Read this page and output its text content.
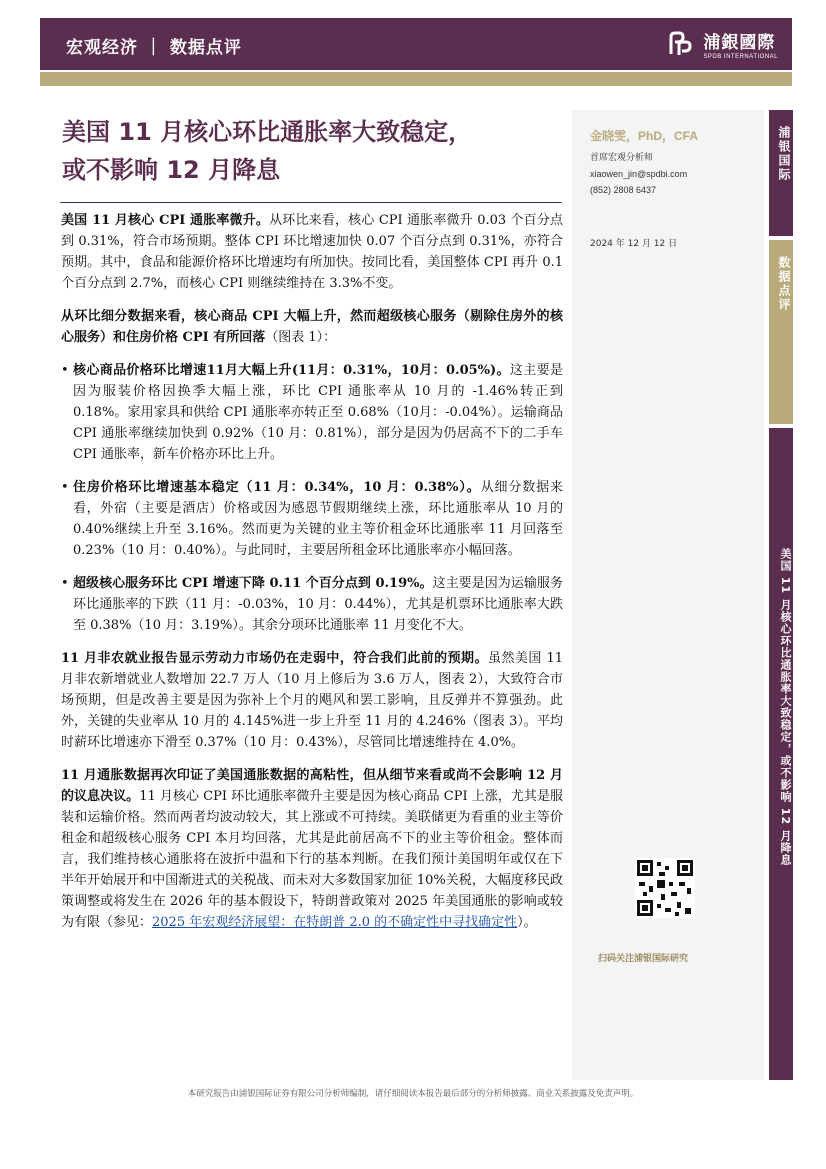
宏观经济 ｜ 数据点评	浦銀國際
SPDB INTERNATIONAL
美国 11 月核心环比通胀率大致稳定，
或不影响 12 月降息

美国 11 月核心 CPI 通胀率微升。从环比来看，核心 CPI 通胀率微升 0.03 个百分点到 0.31%，符合市场预期。整体 CPI 环比增速加快 0.07 个百分点到 0.31%，亦符合预期。其中，食品和能源价格环比增速均有所加快。按同比看，美国整体 CPI 再升 0.1 个百分点到 2.7%，而核心 CPI 则继续维持在 3.3%不变。

从环比细分数据来看，核心商品 CPI 大幅上升，然而超级核心服务（剔除住房外的核心服务）和住房价格 CPI 有所回落（图表 1）：

• 核心商品价格环比增速11月大幅上升(11月：0.31%，10月：0.05%)。这主要是因为服装价格因换季大幅上涨，环比 CPI 通胀率从 10 月的 -1.46%转正到 0.18%。家用家具和供给 CPI 通胀率亦转正至 0.68%（10月：-0.04%）。运输商品 CPI 通胀率继续加快到 0.92%（10 月：0.81%），部分是因为仍居高不下的二手车 CPI 通胀率，新车价格亦环比上升。
• 住房价格环比增速基本稳定（11 月：0.34%，10 月：0.38%）。从细分数据来看，外宿（主要是酒店）价格或因为感恩节假期继续上涨，环比通胀率从 10 月的 0.40%继续上升至 3.16%。然而更为关键的业主等价租金环比通胀率 11 月回落至 0.23%（10 月：0.40%）。与此同时，主要居所租金环比通胀率亦小幅回落。
• 超级核心服务环比 CPI 增速下降 0.11 个百分点到 0.19%。这主要是因为运输服务环比通胀率的下跌（11 月：-0.03%，10 月：0.44%），尤其是机票环比通胀率大跌至 0.38%（10 月：3.19%）。其余分项环比通胀率 11 月变化不大。

11 月非农就业报告显示劳动力市场仍在走弱中，符合我们此前的预期。虽然美国 11 月非农新增就业人数增加 22.7 万人（10 月上修后为 3.6 万人，图表 2），大致符合市场预期，但是改善主要是因为弥补上个月的飓风和罢工影响，且反弹并不算强劲。此外，关键的失业率从 10 月的 4.145%进一步上升至 11 月的 4.246%（图表 3）。平均时薪环比增速亦下滑至 0.37%（10 月：0.43%），尽管同比增速维持在 4.0%。

11 月通胀数据再次印证了美国通胀数据的高粘性，但从细节来看或尚不会影响 12 月的议息决议。11 月核心 CPI 环比通胀率微升主要是因为核心商品 CPI 上涨，尤其是服装和运输价格。然而两者均波动较大，其上涨或不可持续。美联储更为看重的业主等价租金和超级核心服务 CPI 本月均回落，尤其是此前居高不下的业主等价租金。整体而言，我们维持核心通胀将在波折中温和下行的基本判断。在我们预计美国明年或仅在下半年开始展开和中国渐进式的关税战、而未对大多数国家加征 10%关税，大幅度移民政策调整或将发生在 2026 年的基本假设下，特朗普政策对 2025 年美国通胀的影响或较为有限（参见：2025 年宏观经济展望：在特朗普 2.0 的不确定性中寻找确定性）。

金晓雯，PhD，CFA
首席宏观分析师
xiaowen_jin@spdbi.com
(852) 2808 6437
2024 年 12 月 12 日
扫码关注浦银国际研究
浦银国际
数据点评
美国 11 月核心环比通胀率大致稳定，或不影响 12 月降息
本研究报告由浦银国际证券有限公司分析师编制，请仔细阅读本报告最后部分的分析师披露、商业关系披露及免责声明。
